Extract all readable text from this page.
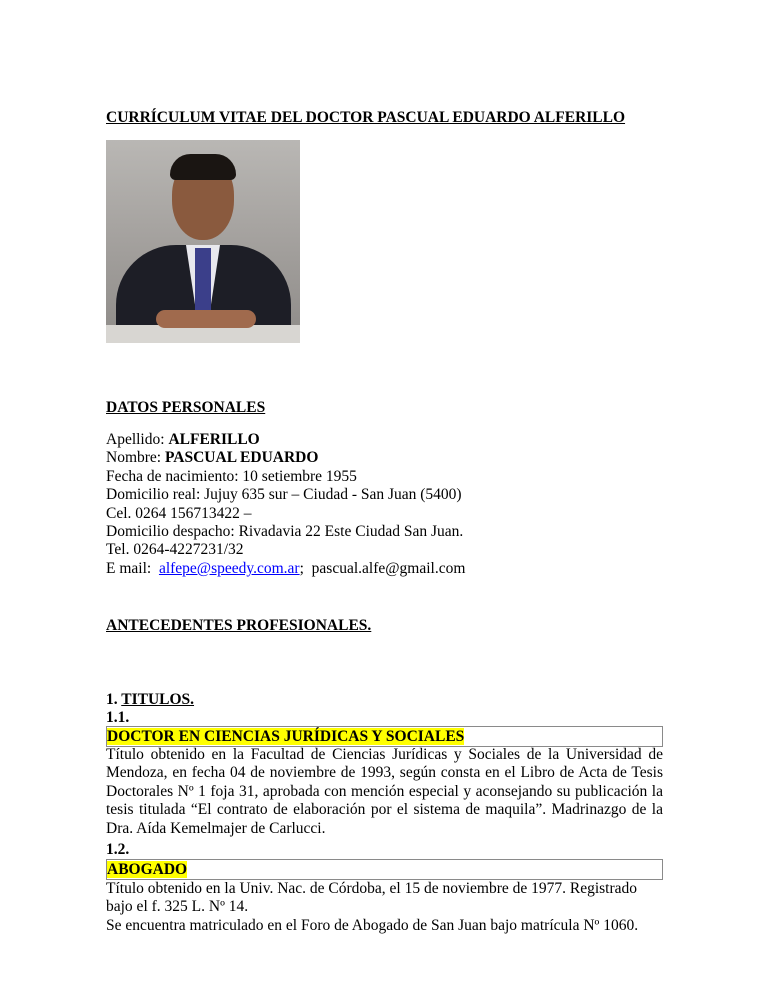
CURRÍCULUM VITAE DEL DOCTOR PASCUAL EDUARDO ALFERILLO
DATOS PERSONALES
Apellido: ALFERILLO
Nombre: PASCUAL EDUARDO
Fecha de nacimiento: 10 setiembre 1955
Domicilio real: Jujuy 635 sur – Ciudad - San Juan (5400)
Cel. 0264 156713422 –
Domicilio despacho: Rivadavia 22 Este Ciudad San Juan.
Tel. 0264-4227231/32
E mail: alfepe@speedy.com.ar; pascual.alfe@gmail.com
ANTECEDENTES PROFESIONALES.
1. TITULOS.
1.1.
DOCTOR EN CIENCIAS JURÍDICAS Y SOCIALES
Título obtenido en la Facultad de Ciencias Jurídicas y Sociales de la Universidad de Mendoza, en fecha 04 de noviembre de 1993, según consta en el Libro de Acta de Tesis Doctorales Nº 1 foja 31, aprobada con mención especial y aconsejando su publicación la tesis titulada “El contrato de elaboración por el sistema de maquila”. Madrinazgo de la Dra. Aída Kemelmajer de Carlucci.
1.2.
ABOGADO
Título obtenido en la Univ. Nac. de Córdoba, el 15 de noviembre de 1977. Registrado bajo el f. 325 L. Nº 14.
Se encuentra matriculado en el Foro de Abogado de San Juan bajo matrícula Nº 1060.
